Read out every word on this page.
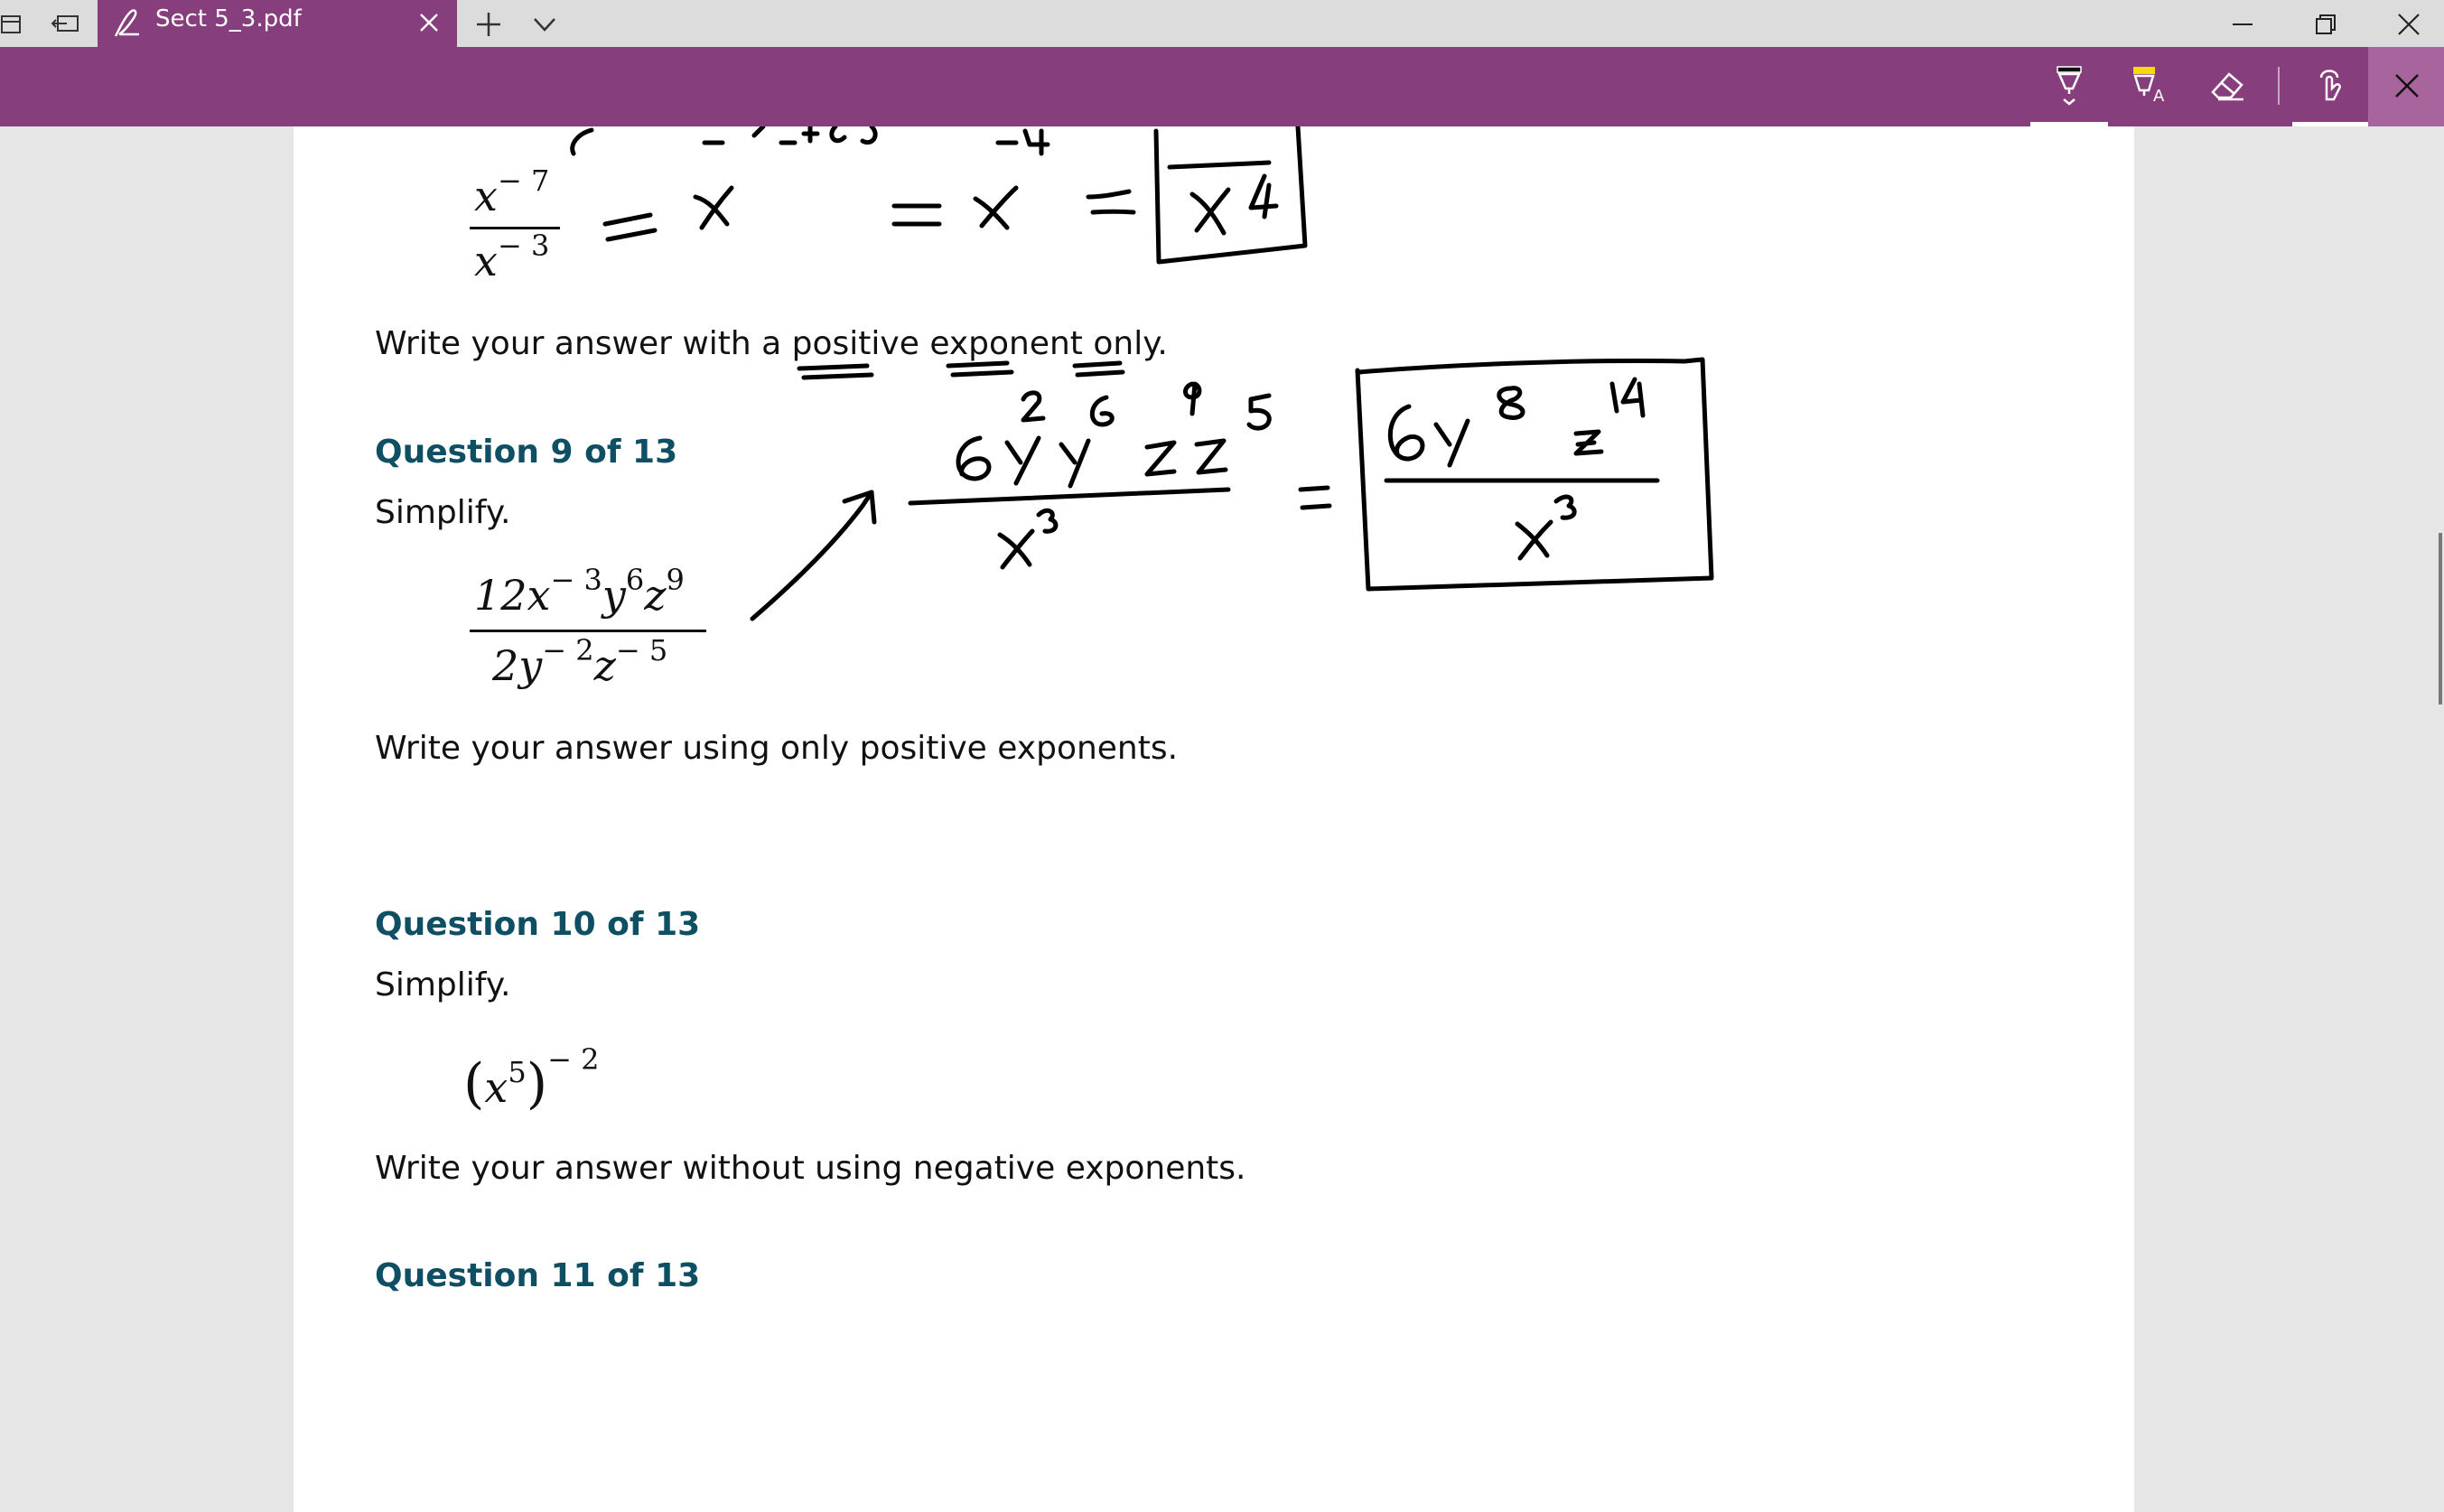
Sect 5_3.pdf
A
$x^{- 7}$
$x^{- 3}$
Write your answer with a positive exponent only.
Question 9 of 13
Simplify.
$12x^{- 3}y^6z^9$
$2y^{- 2}z^{- 5}$
Write your answer using only positive exponents.
Question 10 of 13
Simplify.
$(x^5)^{- 2}$
Write your answer without using negative exponents.
Question 11 of 13
